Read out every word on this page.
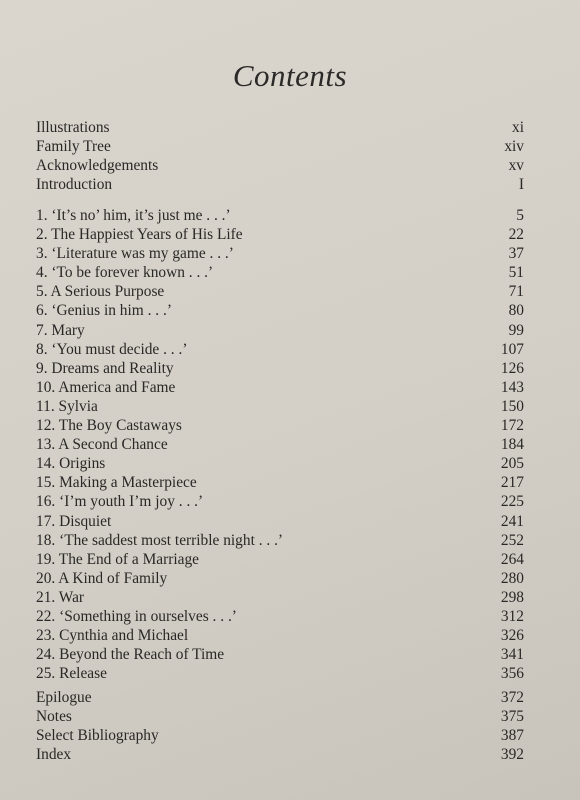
Contents
Illustrations	xi
Family Tree	xiv
Acknowledgements	xv
Introduction	I
1. ‘It’s no’ him, it’s just me . . .’	5
2. The Happiest Years of His Life	22
3. ‘Literature was my game . . .’	37
4. ‘To be forever known . . .’	51
5. A Serious Purpose	71
6. ‘Genius in him . . .’	80
7. Mary	99
8. ‘You must decide . . .’	107
9. Dreams and Reality	126
10. America and Fame	143
11. Sylvia	150
12. The Boy Castaways	172
13. A Second Chance	184
14. Origins	205
15. Making a Masterpiece	217
16. ‘I’m youth I’m joy . . .’	225
17. Disquiet	241
18. ‘The saddest most terrible night . . .’	252
19. The End of a Marriage	264
20. A Kind of Family	280
21. War	298
22. ‘Something in ourselves . . .’	312
23. Cynthia and Michael	326
24. Beyond the Reach of Time	341
25. Release	356
Epilogue	372
Notes	375
Select Bibliography	387
Index	392
